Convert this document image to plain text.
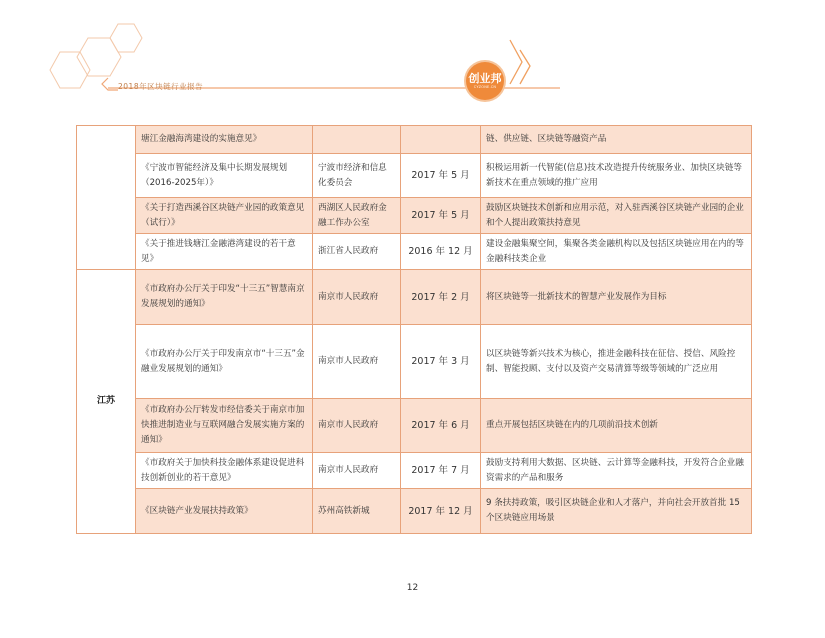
2018年区块链行业报告
创业邦
CYZONE.CN
	塘江金融海湾建设的实施意见》			链、供应链、区块链等融资产品
	《宁波市智能经济及集中长期发展规划（2016-2025年）》	宁波市经济和信息化委员会	2017 年 5 月	积极运用新一代智能(信息)技术改造提升传统服务业、加快区块链等新技术在重点领域的推广应用
	《关于打造西溪谷区块链产业园的政策意见（试行）》	西湖区人民政府金融工作办公室	2017 年 5 月	鼓励区块链技术创新和应用示范，对入驻西溪谷区块链产业园的企业和个人提出政策扶持意见
	《关于推进钱塘江金融港湾建设的若干意见》	浙江省人民政府	2016 年 12 月	建设金融集聚空间，集聚各类金融机构以及包括区块链应用在内的等金融科技类企业
江苏	《市政府办公厅关于印发“十三五”智慧南京发展规划的通知》	南京市人民政府	2017 年 2 月	将区块链等一批新技术的智慧产业发展作为目标
	《市政府办公厅关于印发南京市“十三五”金融业发展规划的通知》	南京市人民政府	2017 年 3 月	以区块链等新兴技术为核心，推进金融科技在征信、授信、风险控制、智能投顾、支付以及资产交易清算等级等领域的广泛应用
	《市政府办公厅转发市经信委关于南京市加快推进制造业与互联网融合发展实施方案的通知》	南京市人民政府	2017 年 6 月	重点开展包括区块链在内的几项前沿技术创新
	《市政府关于加快科技金融体系建设促进科技创新创业的若干意见》	南京市人民政府	2017 年 7 月	鼓励支持利用大数据、区块链、云计算等金融科技，开发符合企业融资需求的产品和服务
	《区块链产业发展扶持政策》	苏州高铁新城	2017 年 12 月	9 条扶持政策，吸引区块链企业和人才落户，并向社会开放首批 15 个区块链应用场景
12
